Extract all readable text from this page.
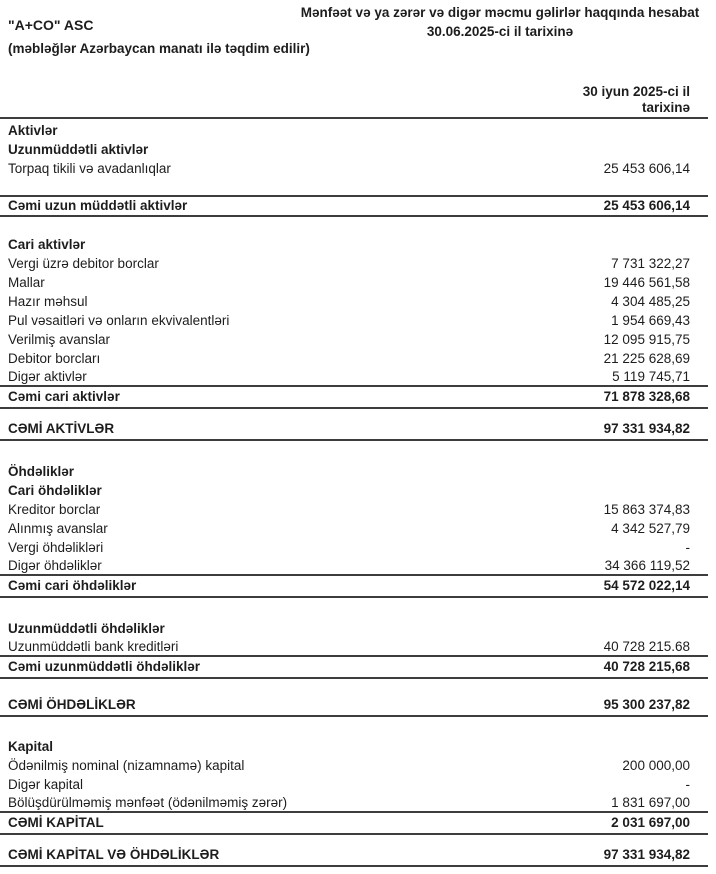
Mənfəət və ya zərər və digər məcmu gəlirlər haqqında hesabat
30.06.2025-ci il tarixinə
"A+CO" ASC
(məbləğlər Azərbaycan manatı ilə təqdim edilir)
30 iyun 2025-ci il
tarixinə
Aktivlər
Uzunmüddətli aktivlər
Torpaq tikili və avadanlıqlar	25 453 606,14
Cəmi uzun müddətli aktivlər	25 453 606,14
Cari aktivlər
Vergi üzrə debitor borclar	7 731 322,27
Mallar	19 446 561,58
Hazır məhsul	4 304 485,25
Pul vəsaitləri və onların ekvivalentləri	1 954 669,43
Verilmiş avanslar	12 095 915,75
Debitor borcları	21 225 628,69
Digər aktivlər	5 119 745,71
Cəmi cari aktivlər	71 878 328,68
CƏMİ AKTİVLƏR	97 331 934,82
Öhdəliklər
Cari öhdəliklər
Kreditor borclar	15 863 374,83
Alınmış avanslar	4 342 527,79
Vergi öhdəlikləri	-
Digər öhdəliklər	34 366 119,52
Cəmi cari öhdəliklər	54 572 022,14
Uzunmüddətli öhdəliklər
Uzunmüddətli bank kreditləri	40 728 215.68
Cəmi uzunmüddətli öhdəliklər	40 728 215,68
CƏMİ ÖHDƏLİKLƏR	95 300 237,82
Kapital
Ödənilmiş nominal (nizamnamə) kapital	200 000,00
Digər kapital	-
Bölüşdürülməmiş mənfəət (ödənilməmiş zərər)	1 831 697,00
CƏMİ KAPİTAL	2 031 697,00
CƏMİ KAPİTAL VƏ ÖHDƏLİKLƏR	97 331 934,82
